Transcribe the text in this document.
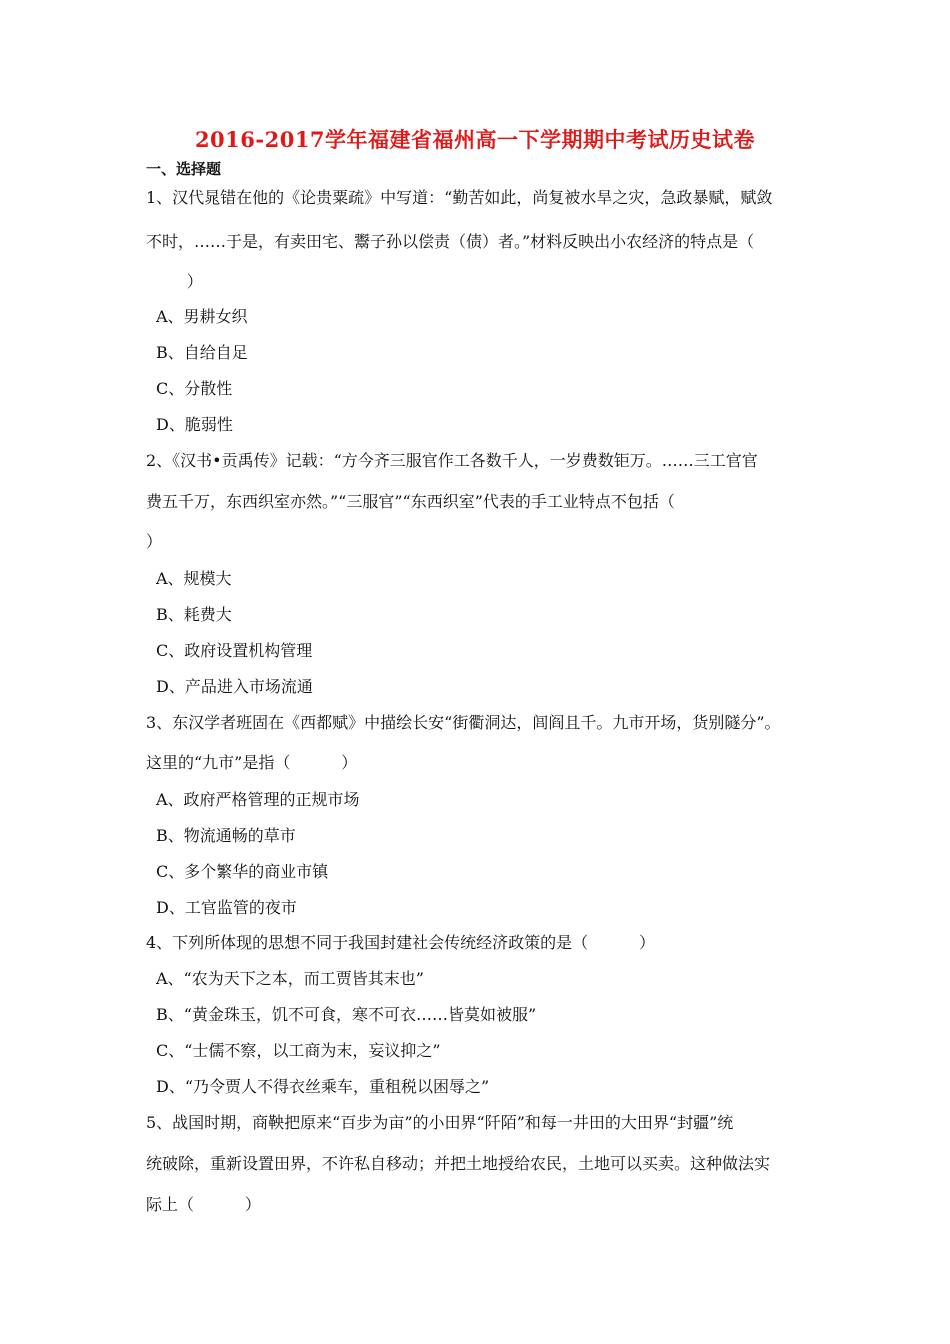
2016-2017学年福建省福州高一下学期期中考试历史试卷
一、选择题
1、汉代晁错在他的《论贵粟疏》中写道：“勤苦如此，尚复被水旱之灾，急政暴赋，赋敛
不时，……于是，有卖田宅、鬻子孙以偿责（债）者。”材料反映出小农经济的特点是（
）
A、男耕女织
B、自给自足
C、分散性
D、脆弱性
2、《汉书•贡禹传》记载：“方今齐三服官作工各数千人，一岁费数钜万。……三工官官
费五千万，东西织室亦然。”“三服官”“东西织室”代表的手工业特点不包括（
）
A、规模大
B、耗费大
C、政府设置机构管理
D、产品进入市场流通
3、东汉学者班固在《西都赋》中描绘长安“街衢洞达，闾阎且千。九市开场，货别隧分”。
这里的“九市”是指（          ）
A、政府严格管理的正规市场
B、物流通畅的草市
C、多个繁华的商业市镇
D、工官监管的夜市
4、下列所体现的思想不同于我国封建社会传统经济政策的是（          ）
A、“农为天下之本，而工贾皆其末也”
B、“黄金珠玉，饥不可食，寒不可衣……皆莫如被服”
C、“士儒不察，以工商为末，妄议抑之”
D、“乃令贾人不得衣丝乘车，重租税以困辱之”
5、战国时期，商鞅把原来“百步为亩”的小田界“阡陌”和每一井田的大田界“封疆”统
统破除，重新设置田界，不许私自移动；并把土地授给农民，土地可以买卖。这种做法实
际上（          ）
